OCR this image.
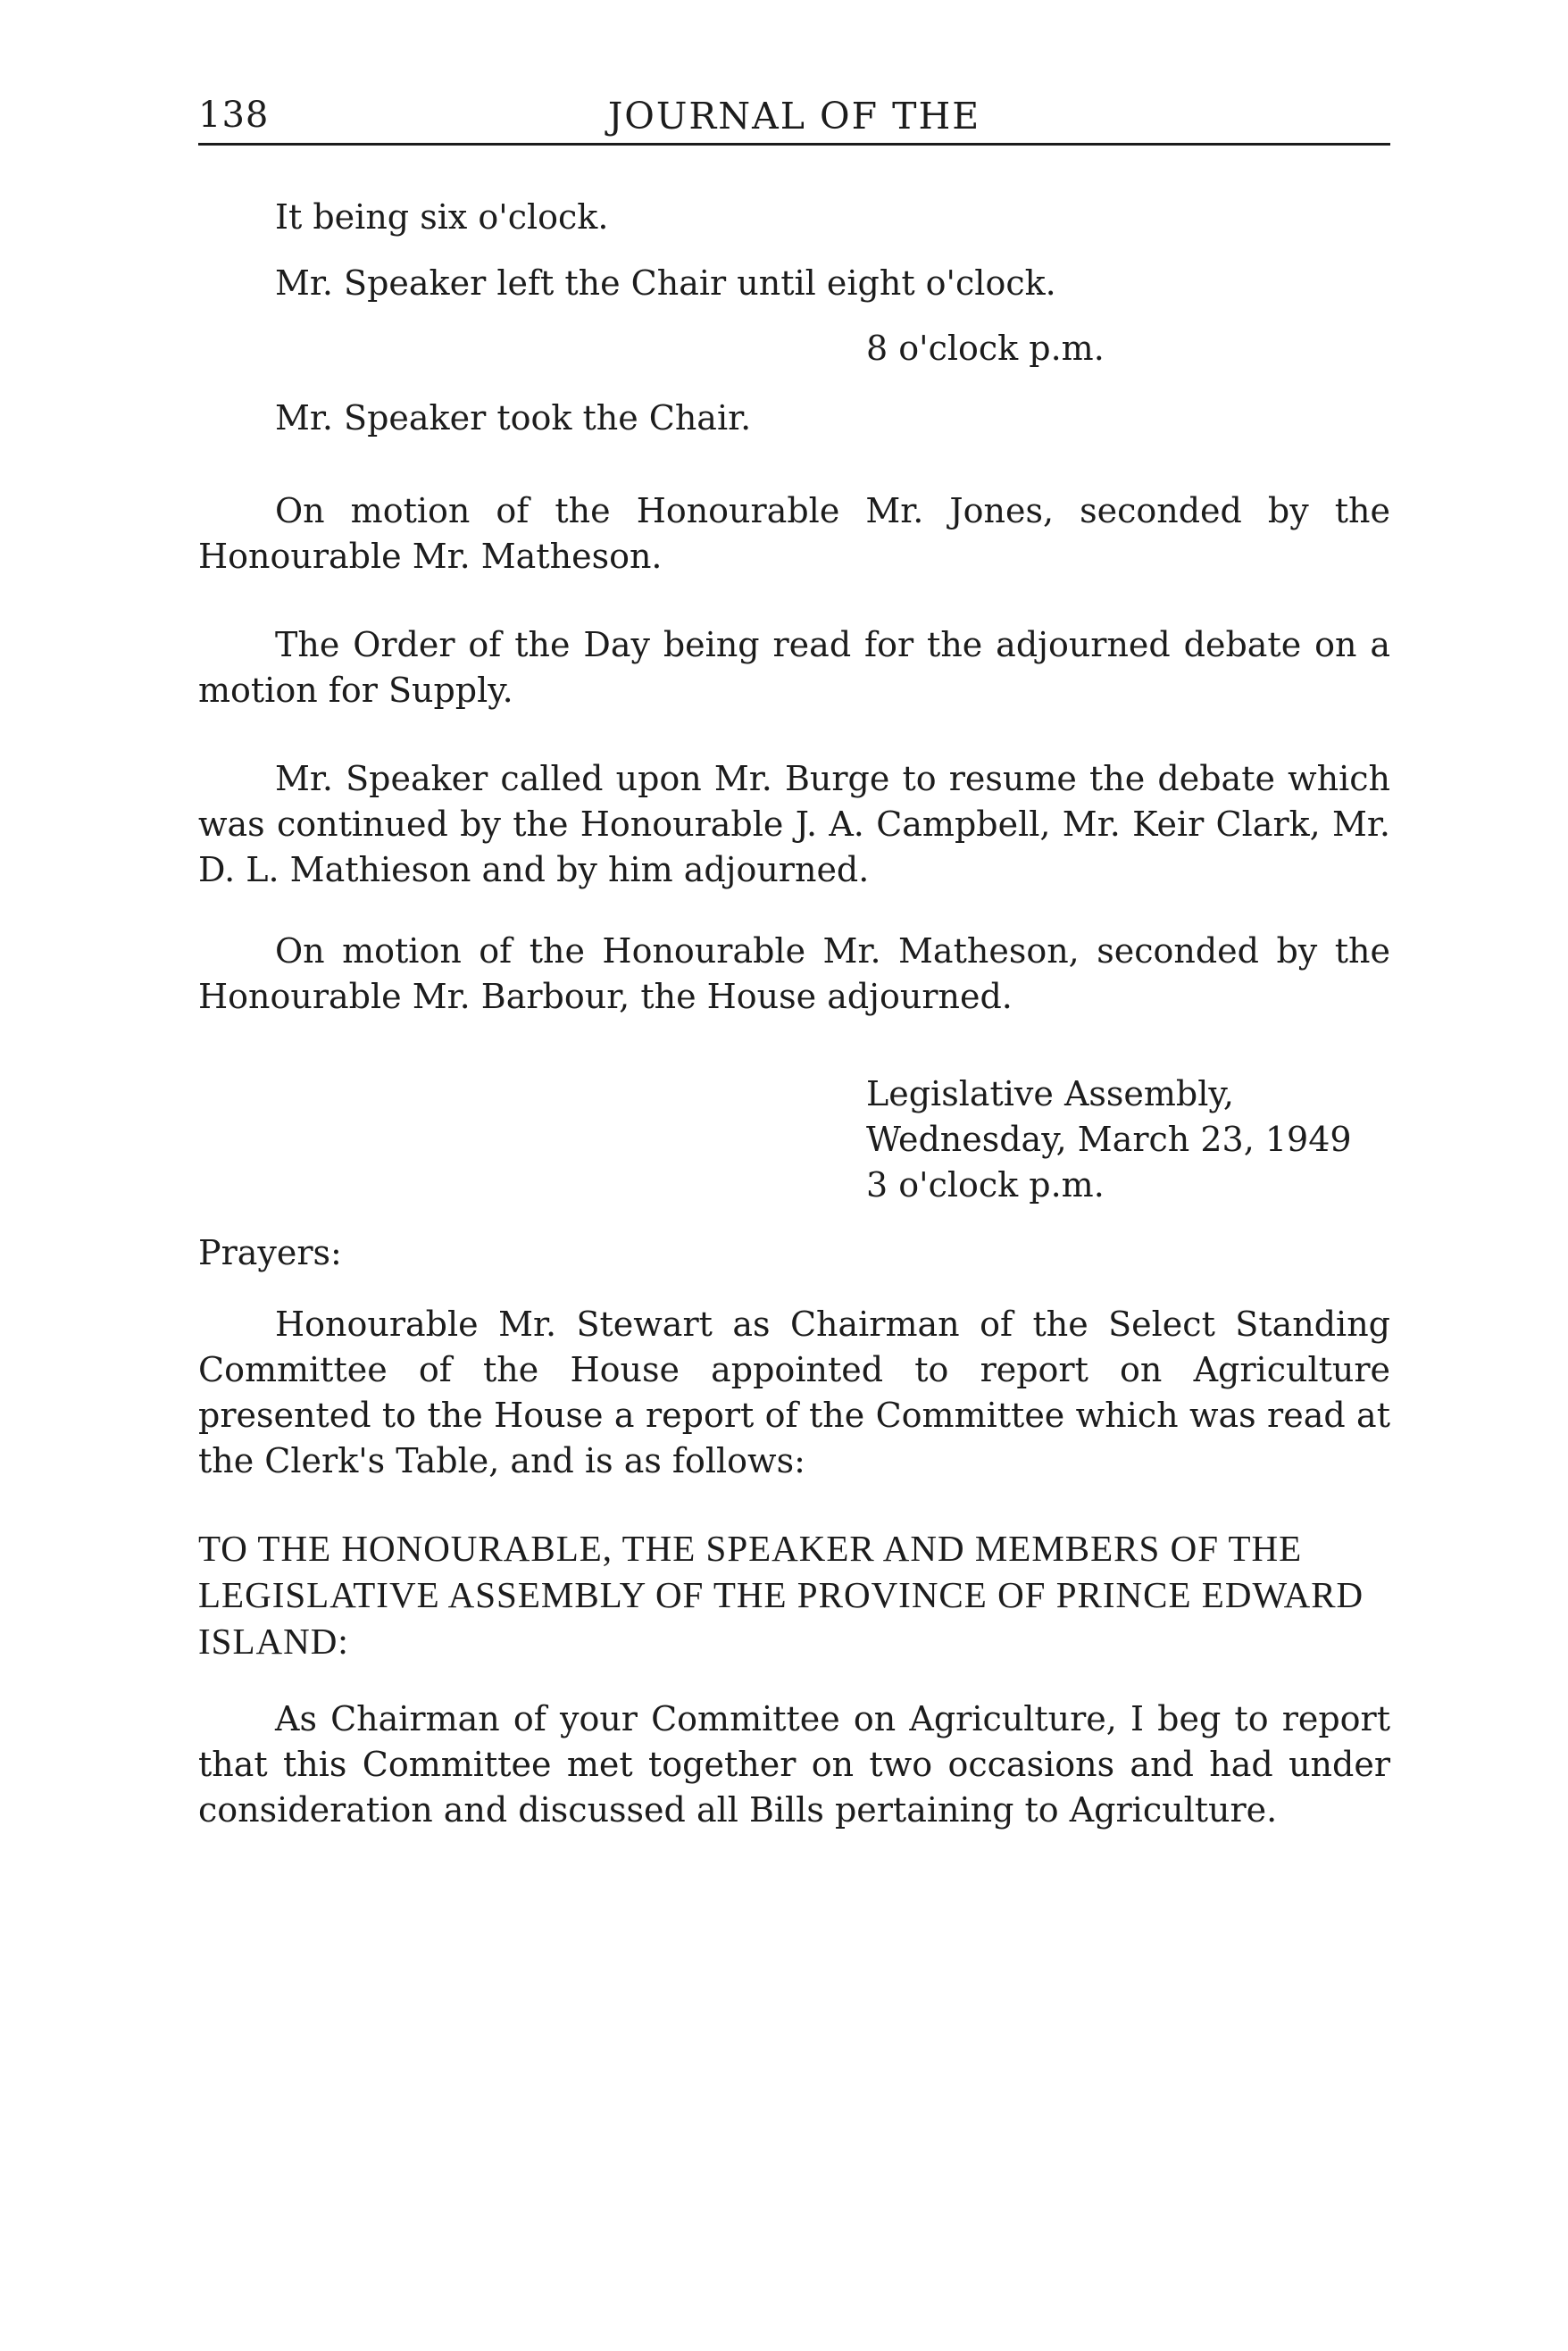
138	JOURNAL OF THE
It being six o'clock.
Mr. Speaker left the Chair until eight o'clock.
8 o'clock p.m.
Mr. Speaker took the Chair.
On motion of the Honourable Mr. Jones, seconded by the Honourable Mr. Matheson.
The Order of the Day being read for the adjourned debate on a motion for Supply.
Mr. Speaker called upon Mr. Burge to resume the debate which was continued by the Honourable J. A. Campbell, Mr. Keir Clark, Mr. D. L. Mathieson and by him adjourned.
On motion of the Honourable Mr. Matheson, seconded by the Honourable Mr. Barbour, the House adjourned.
Legislative Assembly,
Wednesday, March 23, 1949
3 o'clock p.m.
Prayers:
Honourable Mr. Stewart as Chairman of the Select Standing Committee of the House appointed to report on Agriculture presented to the House a report of the Committee which was read at the Clerk's Table, and is as follows:
TO THE HONOURABLE, THE SPEAKER AND MEMBERS OF THE LEGISLATIVE ASSEMBLY OF THE PROVINCE OF PRINCE EDWARD ISLAND:
As Chairman of your Committee on Agriculture, I beg to report that this Committee met together on two occasions and had under consideration and discussed all Bills pertaining to Agriculture.
